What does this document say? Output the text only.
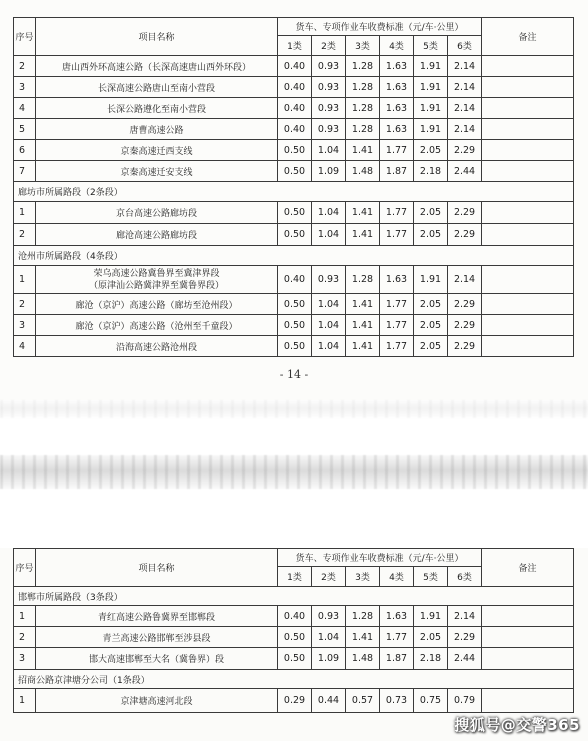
序号	项目名称	货车、专项作业车收费标准（元/车·公里）						备注
		1类	2类	3类	4类	5类	6类	
2	唐山西外环高速公路（长深高速唐山西外环段）	0.40	0.93	1.28	1.63	1.91	2.14	
3	长深高速公路唐山至南小营段	0.40	0.93	1.28	1.63	1.91	2.14	
4	长深公路遵化至南小营段	0.40	0.93	1.28	1.63	1.91	2.14	
5	唐曹高速公路	0.40	0.93	1.28	1.63	1.91	2.14	
6	京秦高速迁西支线	0.50	1.04	1.41	1.77	2.05	2.29	
7	京秦高速迁安支线	0.50	1.09	1.48	1.87	2.18	2.44	
廊坊市所属路段（2条段）								
1	京台高速公路廊坊段	0.50	1.04	1.41	1.77	2.05	2.29	
2	廊沧高速公路廊坊段	0.50	1.04	1.41	1.77	2.05	2.29	
沧州市所属路段（4条段）								
1	荣乌高速公路冀鲁界至冀津界段
（原津汕公路冀津界至冀鲁界段）	0.40	0.93	1.28	1.63	1.91	2.14	
2	廊沧（京沪）高速公路（廊坊至沧州段）	0.50	1.04	1.41	1.77	2.05	2.29	
3	廊沧（京沪）高速公路（沧州至千童段）	0.50	1.04	1.41	1.77	2.05	2.29	
4	沿海高速公路沧州段	0.50	1.04	1.41	1.77	2.05	2.29	
- 14 -
序号	项目名称	货车、专项作业车收费标准（元/车·公里）						备注
		1类	2类	3类	4类	5类	6类	
邯郸市所属路段（3条段）								
1	青红高速公路鲁冀界至邯郸段	0.40	0.93	1.28	1.63	1.91	2.14	
2	青兰高速公路邯郸至涉县段	0.50	1.04	1.41	1.77	2.05	2.29	
3	邯大高速邯郸至大名（冀鲁界）段	0.50	1.09	1.48	1.87	2.18	2.44	
招商公路京津塘分公司（1条段）								
1	京津塘高速河北段	0.29	0.44	0.57	0.73	0.75	0.79	
搜狐号@交警365
